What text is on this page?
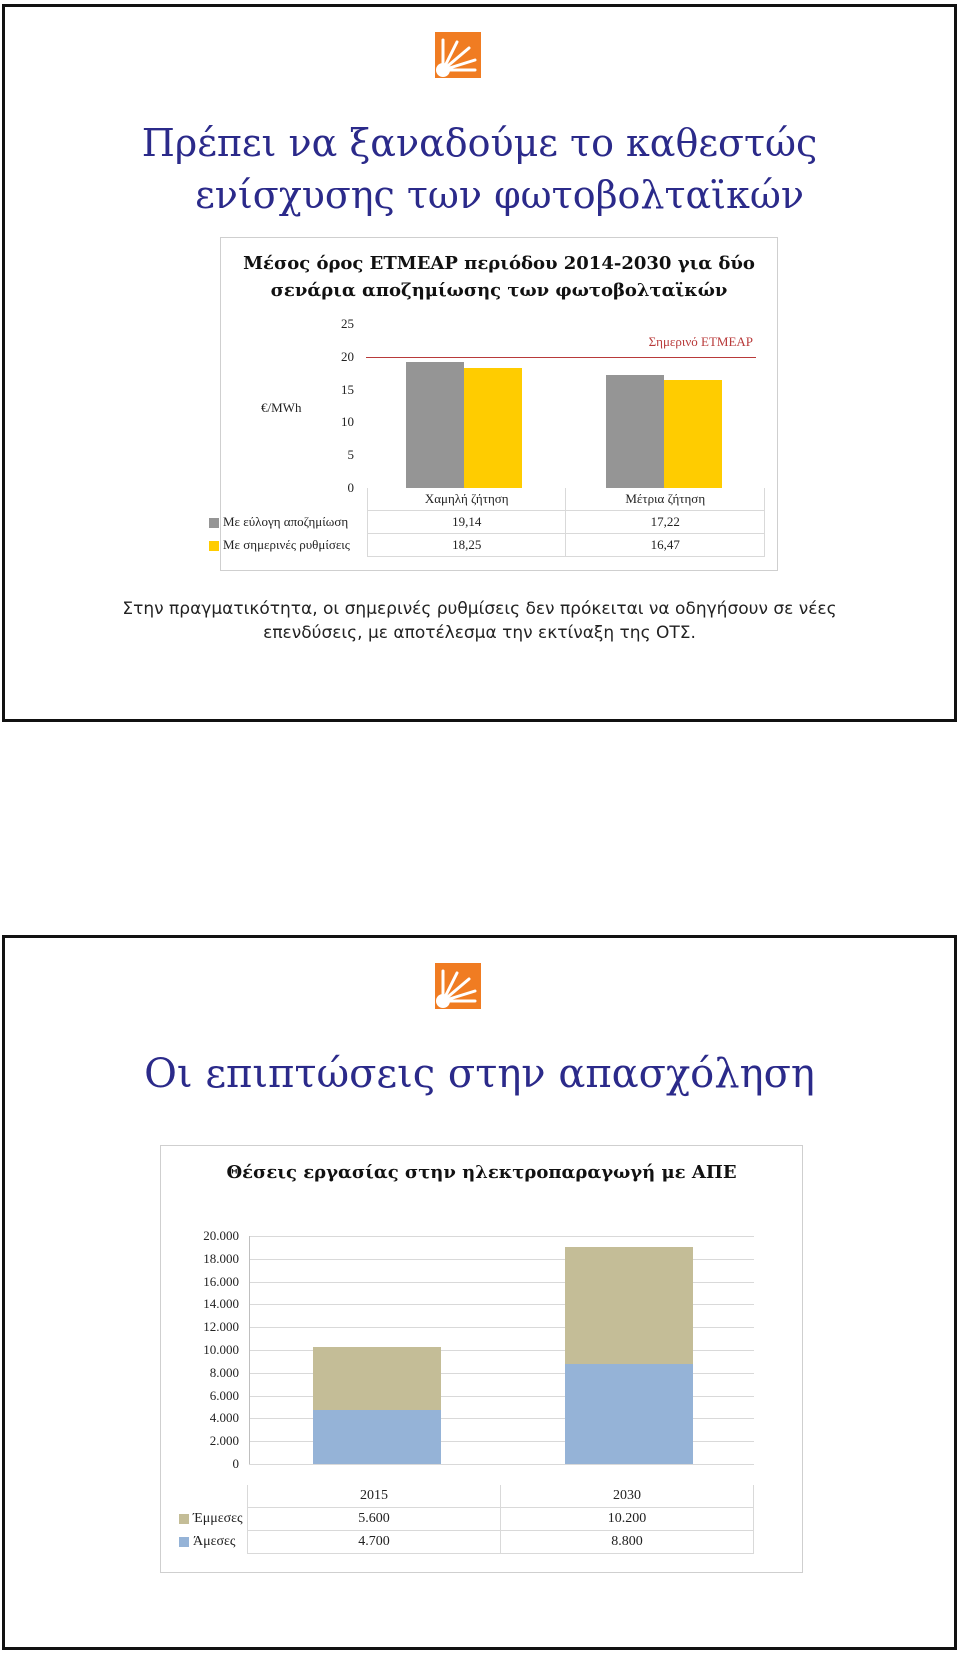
Πρέπει να ξαναδούμε το καθεστώς
ενίσχυσης των φωτοβολταϊκών
Μέσος όρος ΕΤΜΕΑΡ περιόδου 2014-2030 για δύο
σενάρια αποζημίωσης των φωτοβολταϊκών
€/MWh
25
20
15
10
5
0
Σημερινό ΕΤΜΕΑΡ
	Χαμηλή ζήτηση	Μέτρια ζήτηση
Με εύλογη αποζημίωση	19,14	17,22
Με σημερινές ρυθμίσεις	18,25	16,47
Στην πραγματικότητα, οι σημερινές ρυθμίσεις δεν πρόκειται να οδηγήσουν σε νέες
επενδύσεις, με αποτέλεσμα την εκτίναξη της ΟΤΣ.
Οι επιπτώσεις στην απασχόληση
Θέσεις εργασίας στην ηλεκτροπαραγωγή με ΑΠΕ
20.000
18.000
16.000
14.000
12.000
10.000
8.000
6.000
4.000
2.000
0
	2015	2030
Έμμεσες	5.600	10.200
Άμεσες	4.700	8.800
